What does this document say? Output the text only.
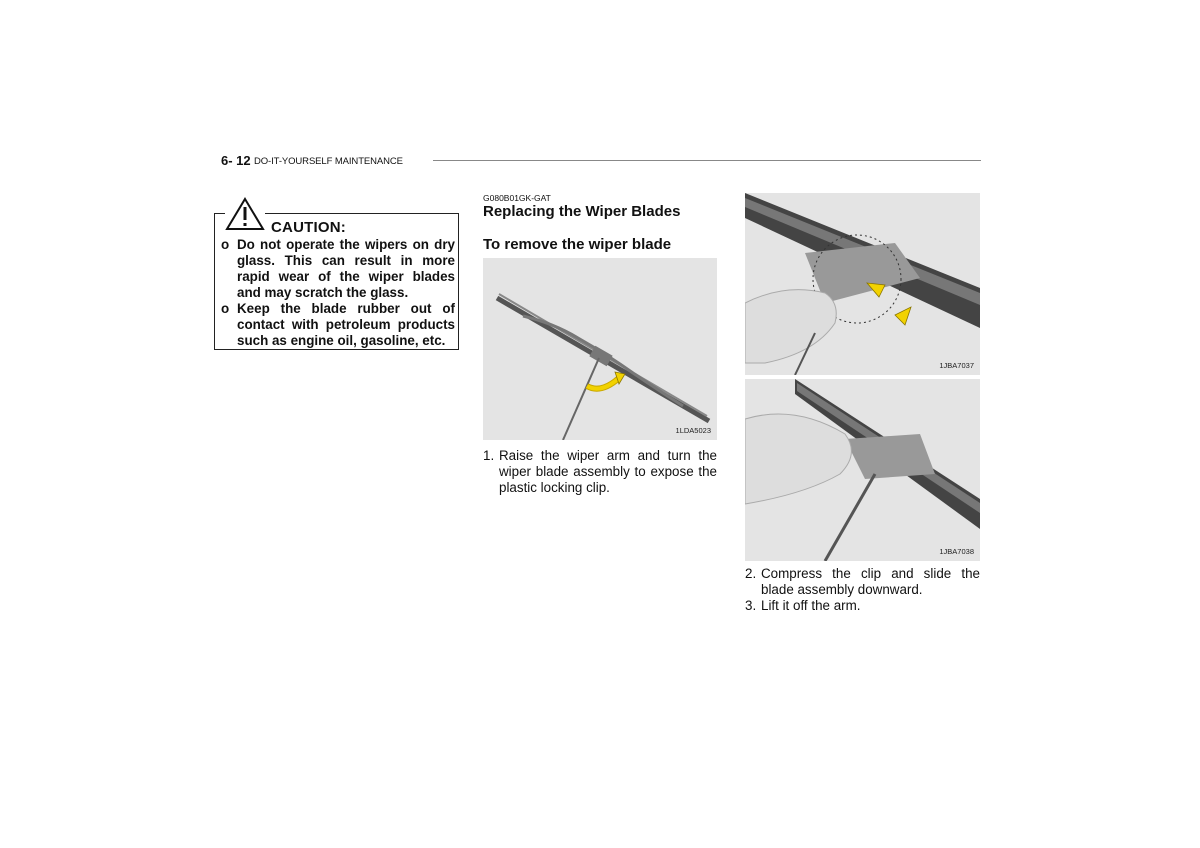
6- 12 DO-IT-YOURSELF MAINTENANCE
CAUTION:
o Do not operate the wipers on dry glass. This can result in more rapid wear of the wiper blades and may scratch the glass.
o Keep the blade rubber out of contact with petroleum products such as engine oil, gasoline, etc.
G080B01GK-GAT
Replacing the Wiper Blades
To remove the wiper blade
1LDA5023
1JBA7037
1JBA7038
1. Raise the wiper arm and turn the wiper blade assembly to expose the plastic locking clip.
2. Compress the clip and slide the blade assembly downward.
3. Lift it off the arm.
